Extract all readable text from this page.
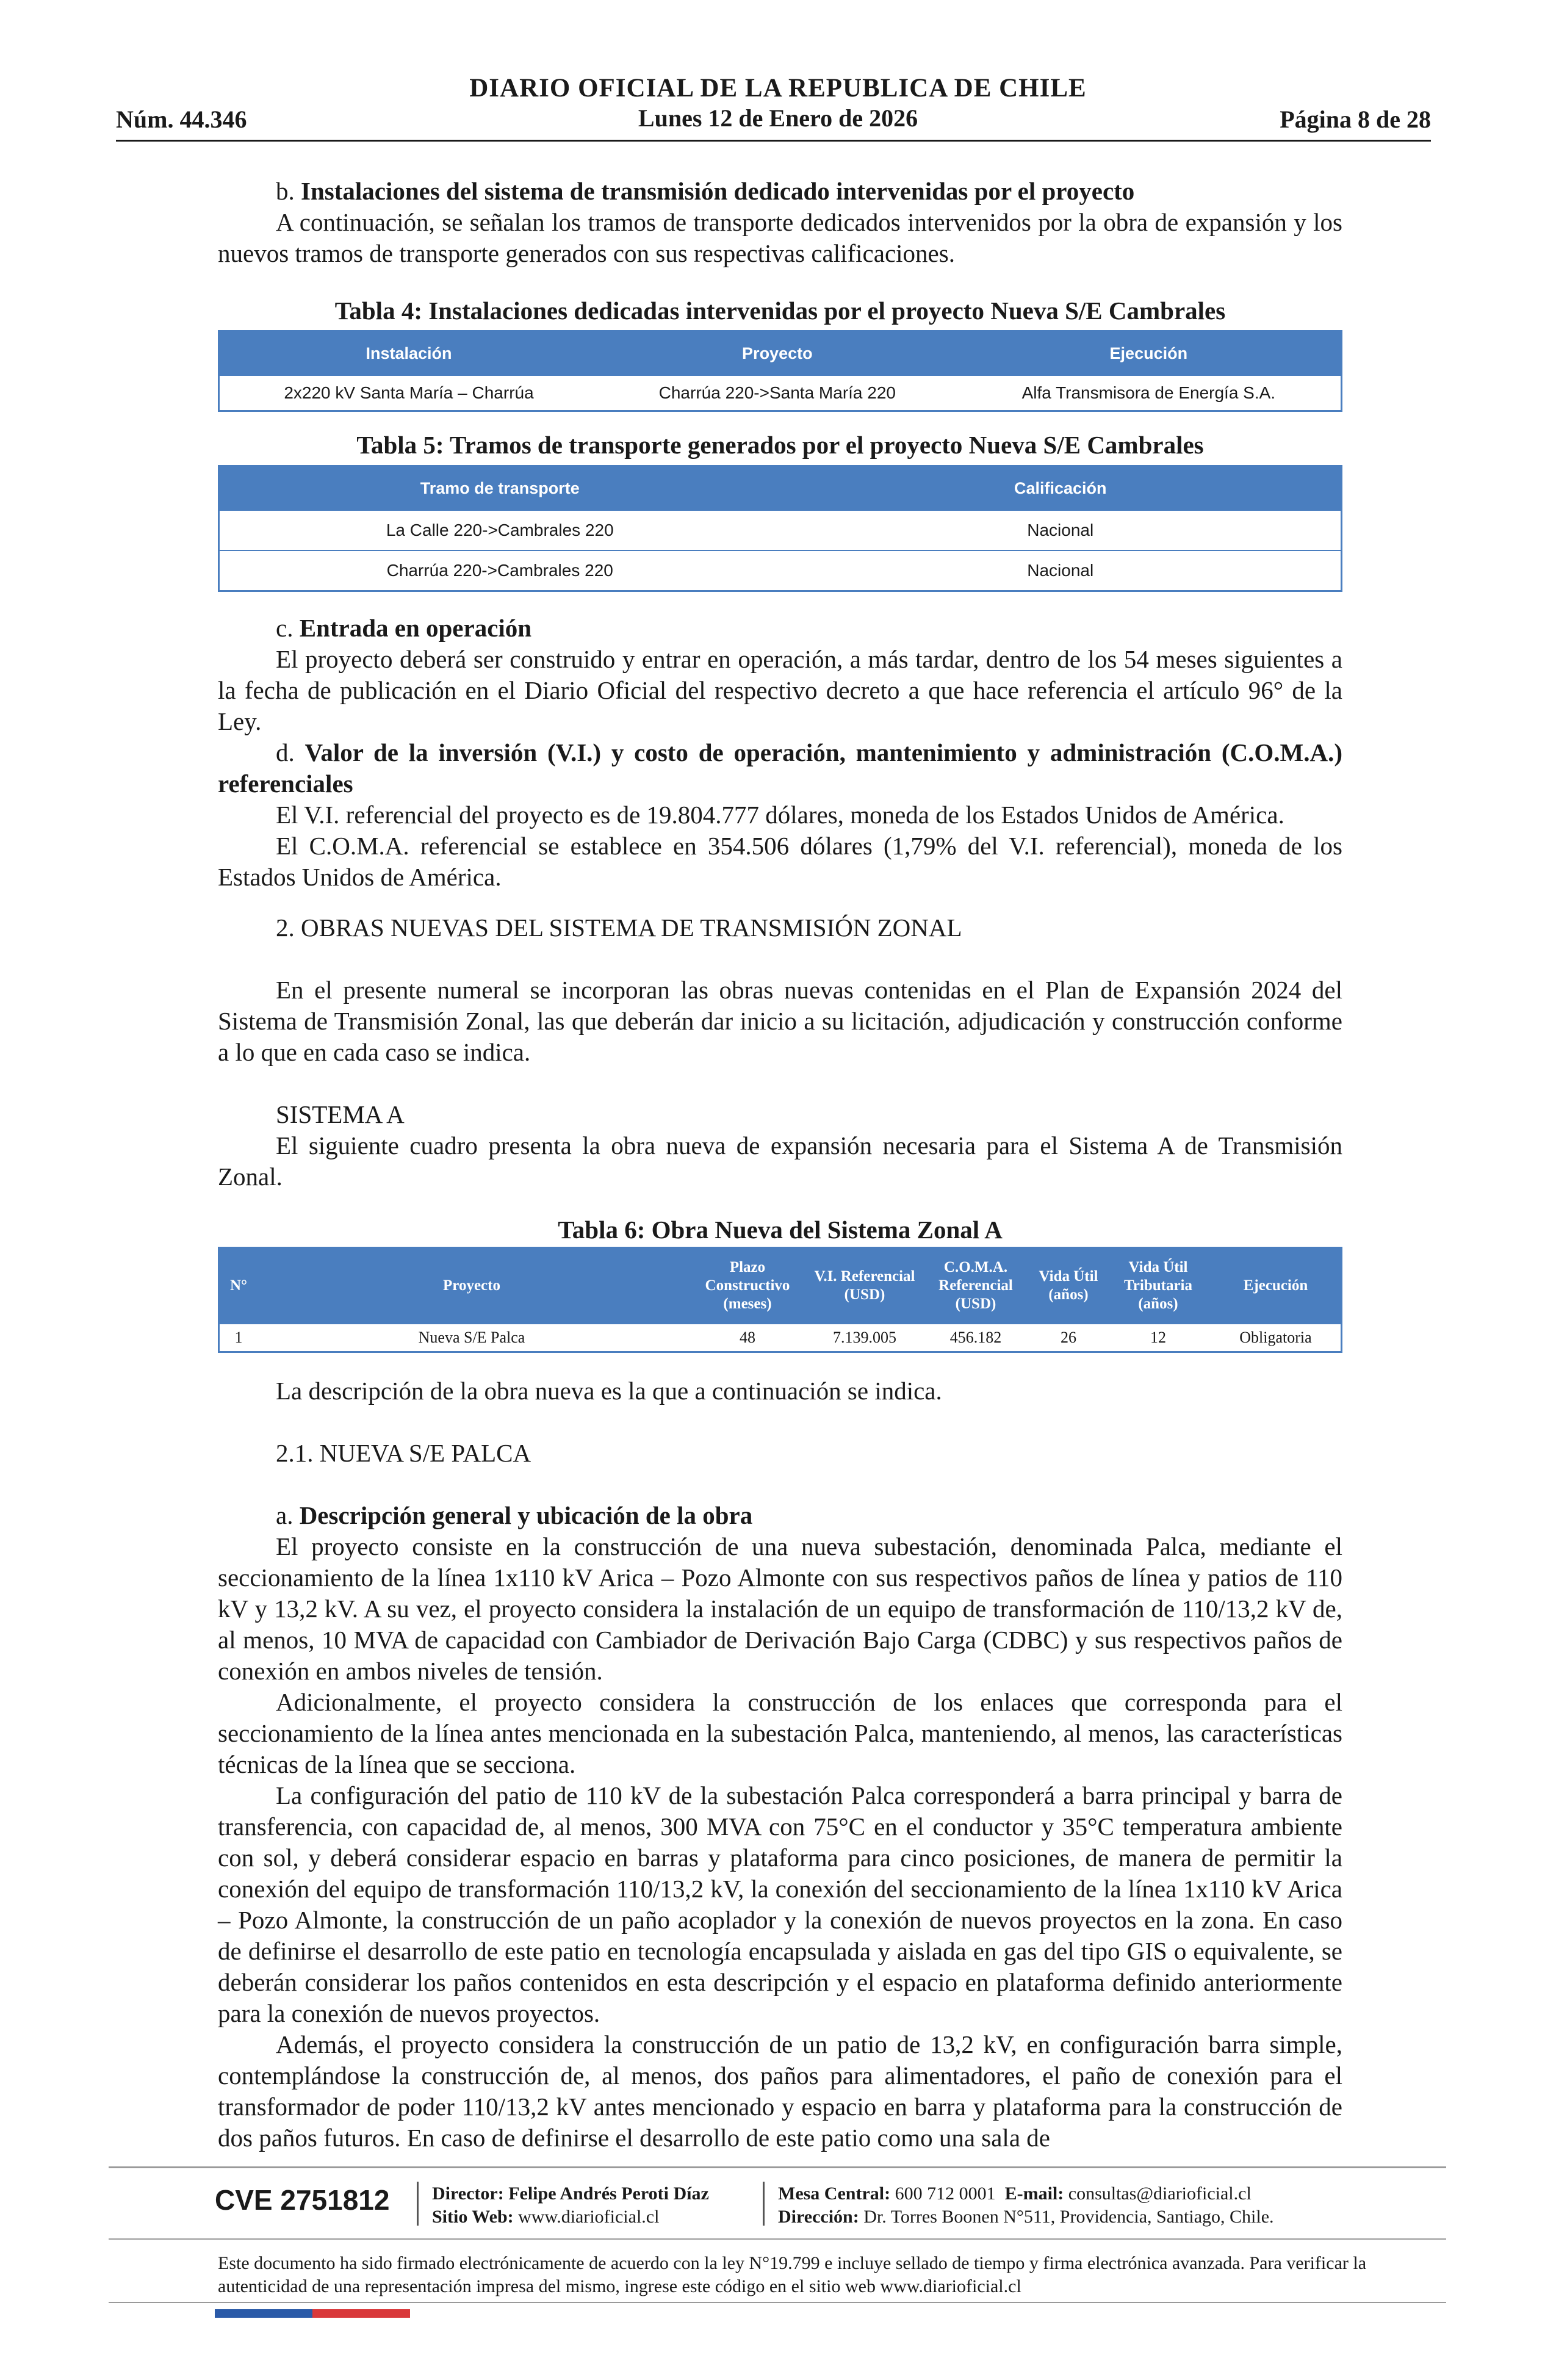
DIARIO OFICIAL DE LA REPUBLICA DE CHILE
Lunes 12 de Enero de 2026
Núm. 44.346	Página 8 de 28

b. Instalaciones del sistema de transmisión dedicado intervenidas por el proyecto

A continuación, se señalan los tramos de transporte dedicados intervenidos por la obra de expansión y los nuevos tramos de transporte generados con sus respectivas calificaciones.

Tabla 4: Instalaciones dedicadas intervenidas por el proyecto Nueva S/E Cambrales
Instalación	Proyecto	Ejecución
2x220 kV Santa María – Charrúa	Charrúa 220->Santa María 220	Alfa Transmisora de Energía S.A.
Tabla 5: Tramos de transporte generados por el proyecto Nueva S/E Cambrales
Tramo de transporte	Calificación
La Calle 220->Cambrales 220	Nacional
Charrúa 220->Cambrales 220	Nacional

c. Entrada en operación

El proyecto deberá ser construido y entrar en operación, a más tardar, dentro de los 54 meses siguientes a la fecha de publicación en el Diario Oficial del respectivo decreto a que hace referencia el artículo 96° de la Ley.

d. Valor de la inversión (V.I.) y costo de operación, mantenimiento y administración (C.O.M.A.) referenciales

El V.I. referencial del proyecto es de 19.804.777 dólares, moneda de los Estados Unidos de América.

El C.O.M.A. referencial se establece en 354.506 dólares (1,79% del V.I. referencial), moneda de los Estados Unidos de América.

2. OBRAS NUEVAS DEL SISTEMA DE TRANSMISIÓN ZONAL

En el presente numeral se incorporan las obras nuevas contenidas en el Plan de Expansión 2024 del Sistema de Transmisión Zonal, las que deberán dar inicio a su licitación, adjudicación y construcción conforme a lo que en cada caso se indica.

SISTEMA A

El siguiente cuadro presenta la obra nueva de expansión necesaria para el Sistema A de Transmisión Zonal.

Tabla 6: Obra Nueva del Sistema Zonal A
N°	Proyecto	Plazo Constructivo (meses)	V.I. Referencial (USD)	C.O.M.A. Referencial (USD)	Vida Útil (años)	Vida Útil Tributaria (años)	Ejecución
1	Nueva S/E Palca	48	7.139.005	456.182	26	12	Obligatoria

La descripción de la obra nueva es la que a continuación se indica.

2.1. NUEVA S/E PALCA

a. Descripción general y ubicación de la obra

El proyecto consiste en la construcción de una nueva subestación, denominada Palca, mediante el seccionamiento de la línea 1x110 kV Arica – Pozo Almonte con sus respectivos paños de línea y patios de 110 kV y 13,2 kV. A su vez, el proyecto considera la instalación de un equipo de transformación de 110/13,2 kV de, al menos, 10 MVA de capacidad con Cambiador de Derivación Bajo Carga (CDBC) y sus respectivos paños de conexión en ambos niveles de tensión.

Adicionalmente, el proyecto considera la construcción de los enlaces que corresponda para el seccionamiento de la línea antes mencionada en la subestación Palca, manteniendo, al menos, las características técnicas de la línea que se secciona.

La configuración del patio de 110 kV de la subestación Palca corresponderá a barra principal y barra de transferencia, con capacidad de, al menos, 300 MVA con 75°C en el conductor y 35°C temperatura ambiente con sol, y deberá considerar espacio en barras y plataforma para cinco posiciones, de manera de permitir la conexión del equipo de transformación 110/13,2 kV, la conexión del seccionamiento de la línea 1x110 kV Arica – Pozo Almonte, la construcción de un paño acoplador y la conexión de nuevos proyectos en la zona. En caso de definirse el desarrollo de este patio en tecnología encapsulada y aislada en gas del tipo GIS o equivalente, se deberán considerar los paños contenidos en esta descripción y el espacio en plataforma definido anteriormente para la conexión de nuevos proyectos.

Además, el proyecto considera la construcción de un patio de 13,2 kV, en configuración barra simple, contemplándose la construcción de, al menos, dos paños para alimentadores, el paño de conexión para el transformador de poder 110/13,2 kV antes mencionado y espacio en barra y plataforma para la construcción de dos paños futuros. En caso de definirse el desarrollo de este patio como una sala de

CVE 2751812 Director: Felipe Andrés Peroti Díaz
Sitio Web: www.diarioficial.cl
Mesa Central: 600 712 0001 E-mail: consultas@diarioficial.cl
Dirección: Dr. Torres Boonen N°511, Providencia, Santiago, Chile.
Este documento ha sido firmado electrónicamente de acuerdo con la ley N°19.799 e incluye sellado de tiempo y firma electrónica avanzada. Para verificar la autenticidad de una representación impresa del mismo, ingrese este código en el sitio web www.diarioficial.cl
